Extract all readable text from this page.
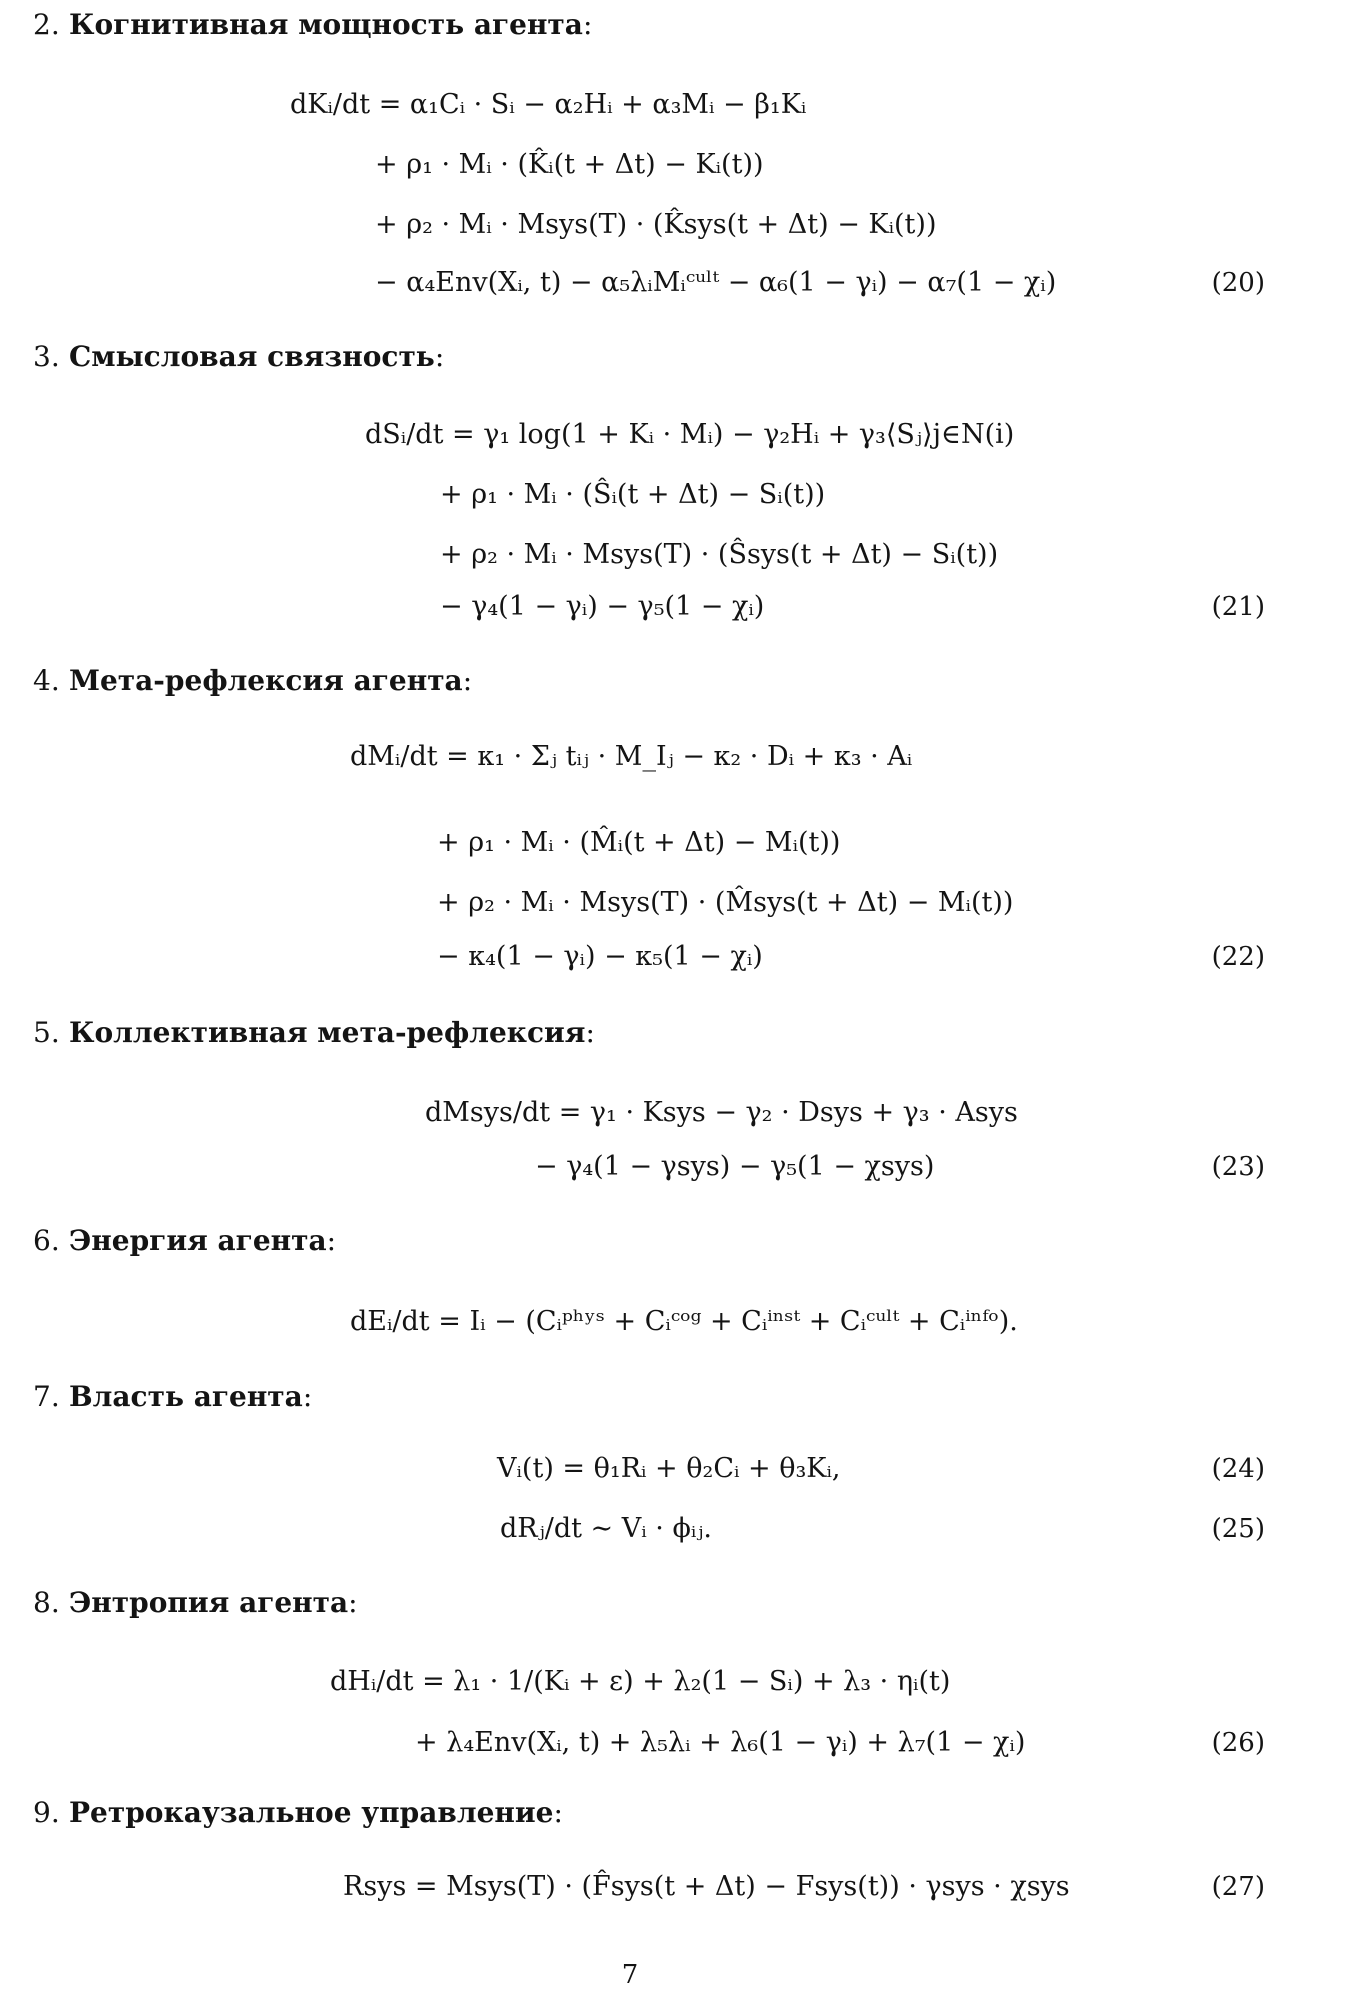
2. Когнитивная мощность агента:
dKᵢ/dt = α₁Cᵢ · Sᵢ − α₂Hᵢ + α₃Mᵢ − β₁Kᵢ
+ ρ₁ · Mᵢ · (K̂ᵢ(t + Δt) − Kᵢ(t))
+ ρ₂ · Mᵢ · Msys(T) · (K̂sys(t + Δt) − Kᵢ(t))
− α₄Env(Xᵢ, t) − α₅λᵢMᵢᶜᵘˡᵗ − α₆(1 − γᵢ) − α₇(1 − χᵢ)	(20)
3. Смысловая связность:
dSᵢ/dt = γ₁ log(1 + Kᵢ · Mᵢ) − γ₂Hᵢ + γ₃⟨Sⱼ⟩j∈N(i)
+ ρ₁ · Mᵢ · (Ŝᵢ(t + Δt) − Sᵢ(t))
+ ρ₂ · Mᵢ · Msys(T) · (Ŝsys(t + Δt) − Sᵢ(t))
− γ₄(1 − γᵢ) − γ₅(1 − χᵢ)	(21)
4. Мета-рефлексия агента:
dMᵢ/dt = κ₁ · Σⱼ tᵢⱼ · M_Iⱼ − κ₂ · Dᵢ + κ₃ · Aᵢ
+ ρ₁ · Mᵢ · (M̂ᵢ(t + Δt) − Mᵢ(t))
+ ρ₂ · Mᵢ · Msys(T) · (M̂sys(t + Δt) − Mᵢ(t))
− κ₄(1 − γᵢ) − κ₅(1 − χᵢ)	(22)
5. Коллективная мета-рефлексия:
dMsys/dt = γ₁ · Ksys − γ₂ · Dsys + γ₃ · Asys
− γ₄(1 − γsys) − γ₅(1 − χsys)	(23)
6. Энергия агента:
dEᵢ/dt = Iᵢ − (Cᵢᵖʰʸˢ + Cᵢᶜᵒᵍ + Cᵢⁱⁿˢᵗ + Cᵢᶜᵘˡᵗ + Cᵢⁱⁿᶠᵒ).
7. Власть агента:
Vᵢ(t) = θ₁Rᵢ + θ₂Cᵢ + θ₃Kᵢ,	(24)
dRⱼ/dt ∼ Vᵢ · ϕᵢⱼ.	(25)
8. Энтропия агента:
dHᵢ/dt = λ₁ · 1/(Kᵢ + ε) + λ₂(1 − Sᵢ) + λ₃ · ηᵢ(t)
+ λ₄Env(Xᵢ, t) + λ₅λᵢ + λ₆(1 − γᵢ) + λ₇(1 − χᵢ)	(26)
9. Ретрокаузальное управление:
Rsys = Msys(T) · (F̂sys(t + Δt) − Fsys(t)) · γsys · χsys	(27)
7
